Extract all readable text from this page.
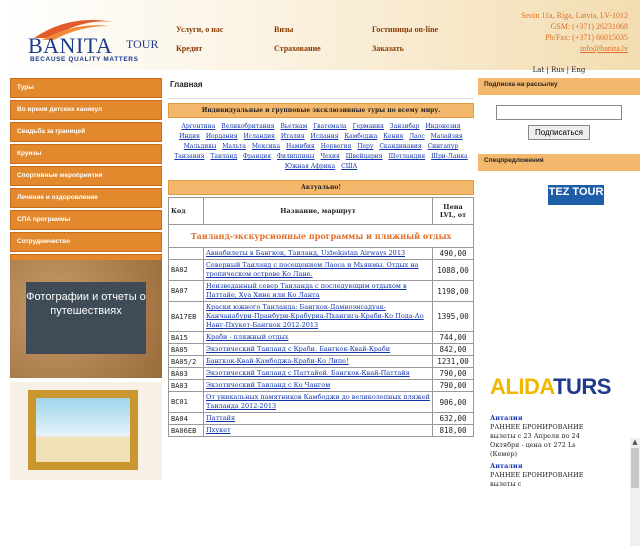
BANITA TOUR
BECAUSE QUALITY MATTERS
Услуги, о нас	Визы	Гостиницы on-line
Кредит	Страхование	Заказать
Seoin 11a, Riga, Latvia, LV-1012
GSM: (+371) 26231068
Ph/Fax: (+371) 66015035
info@banita.lv
Туры
Во время детских каникул
Свадьба за границей
Круизы
Спортивные мероприятия
Лечение и оздоровление
СПА программы
Сотрудничество
Фотографии и отчеты о путешествиях
Главная
Индивидуальные и групповые эксклюзивные туры по всему миру.
Аргентина Великобритания Вьетнам Гватемала Германия Занзибар Индонезия Индия Иордания Исландия Италия Испания Камбоджа Кения Лаос Малайзия Мальдивы Мальта Мексика Намибия Норвегия Перу Скандинавия Сингапур Танзания Таиланд Франция Филиппины Чехия Швейцария Шотландия Шри-Ланка Южная Африка США
Актуально!
Код	Название, маршрут	Цена LVL, от
Таиланд-экскурсионные программы и пляжный отдых		
	Авиабилеты в Бангкок, Таиланд, Uzbekistan Airways 2013	490,00
BA02	Северный Таиланд с посещением Лаоса и Мьянмы. Отдых на тропическом острове Ко Лане.	1088,00
BA07	Неизведанный север Таиланда с последующим отдыхом в Паттайе, Хуа Хине или Ко Ланта	1198,00
BA17EB	Краски южного Таиланда: Бангкок-Дамноэнсадуак-Канчанабури-Пранбури-Крабуриа-Пхангнга-Краби-Ко Пода-Ао Нанг-Пхукет-Бангкок 2012-2013	1395,00
BA15	Краби - пляжный отдых	744,00
BA05	Экзотический Таиланд с Краби. Бангкок-Квай-Краби	842,00
BA05/2	Бангкок-Квай-Камбоджа-Краби-Ко Липе!	1231,00
BA03	Экзотический Таиланд с Паттайей. Бангкок-Квай-Паттайя	790,00
BA03	Экзотический Таиланд с Ко Чангом	790,00
BC01	От уникальных памятников Камбоджи до великолепных пляжей Таиланда 2012-2013	906,00
BA04	Паттайя	632,00
BA06EB	Пхукет	818,00
Lat | Rus | Eng
Подписка на рассылку
Подписаться
Спецпредложения
TEZ TOUR
ALIDATURS
Анталия
РАННЕЕ БРОНИРОВАНИЕ вылеты с 23 Апреля по 24 Октября - цена от 272 Ls (Кемер)
Анталия
РАННЕЕ БРОНИРОВАНИЕ вылеты с
▲
